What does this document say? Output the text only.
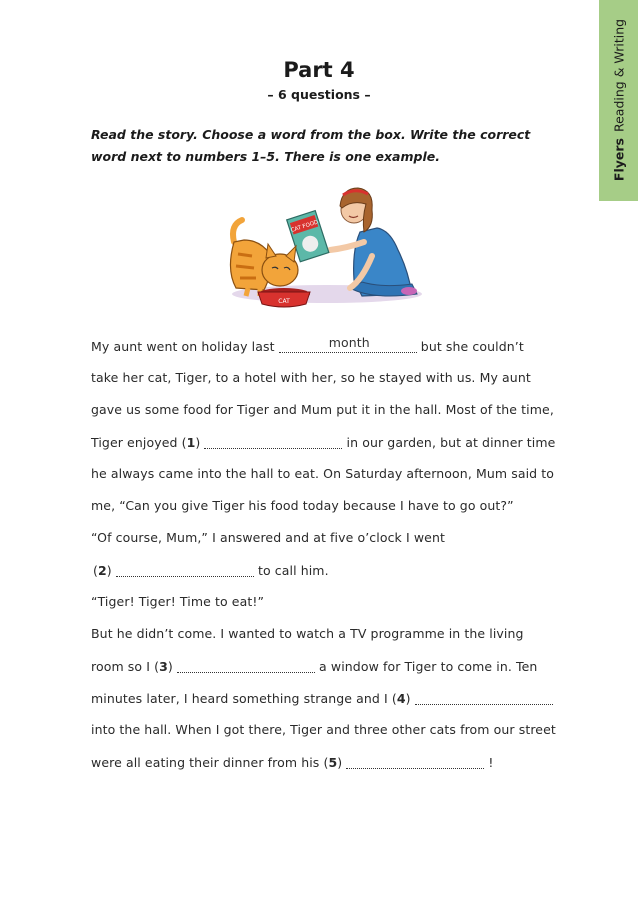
FlyersReading & Writing
Part 4
– 6 questions –
Read the story. Choose a word from the box. Write the correct word next to numbers 1–5. There is one example.
CAT FOOD
CAT
My aunt went on holiday last	month	but she couldn’t
take her cat, Tiger, to a hotel with her, so he stayed with us. My aunt
gave us some food for Tiger and Mum put it in the hall. Most of the time,
Tiger enjoyed (1)	in our garden, but at dinner time
he always came into the hall to eat. On Saturday afternoon, Mum said to
me, “Can you give Tiger his food today because I have to go out?”
“Of course, Mum,” I answered and at five o’clock I went
(2)	to call him.
“Tiger! Tiger! Time to eat!”
But he didn’t come. I wanted to watch a TV programme in the living
room so I (3)	a window for Tiger to come in. Ten
minutes later, I heard something strange and I (4)
into the hall. When I got there, Tiger and three other cats from our street
were all eating their dinner from his (5)	!
